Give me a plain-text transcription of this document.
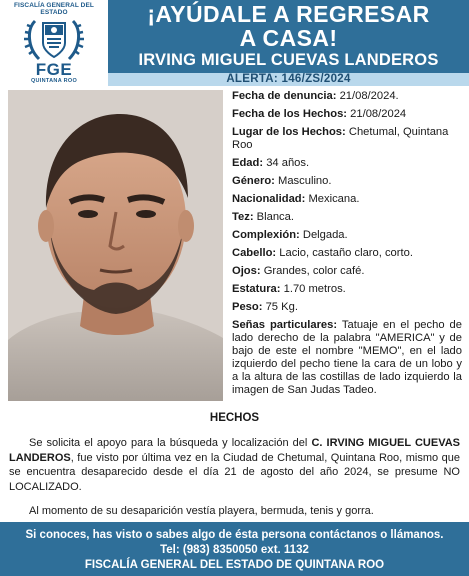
FISCALÍA GENERAL DEL ESTADO
FGE
QUINTANA ROO
¡AYÚDALE A REGRESAR
A CASA!
IRVING MIGUEL CUEVAS LANDEROS
ALERTA: 146/ZS/2024
Fecha de denuncia: 21/08/2024.
Fecha de los Hechos: 21/08/2024
Lugar de los Hechos: Chetumal, Quintana Roo
Edad: 34 años.
Género: Masculino.
Nacionalidad: Mexicana.
Tez: Blanca.
Complexión: Delgada.
Cabello: Lacio, castaño claro, corto.
Ojos: Grandes, color café.
Estatura: 1.70 metros.
Peso: 75 Kg.
Señas particulares: Tatuaje en el pecho de lado derecho de la palabra "AMERICA" y de bajo de este el nombre "MEMO", en el lado izquierdo del pecho tiene la cara de un lobo y a la altura de las costillas de lado izquierdo la imagen de San Judas Tadeo.
HECHOS
Se solicita el apoyo para la búsqueda y localización del C. IRVING MIGUEL CUEVAS LANDEROS, fue visto por última vez en la Ciudad de Chetumal, Quintana Roo, mismo que se encuentra desaparecido desde el día 21 de agosto del año 2024, se presume NO LOCALIZADO.
Al momento de su desaparición vestía playera, bermuda, tenis y gorra.
Si conoces, has visto o sabes algo de ésta persona contáctanos o llámanos.
Tel: (983) 8350050 ext. 1132
FISCALÍA GENERAL DEL ESTADO DE QUINTANA ROO
